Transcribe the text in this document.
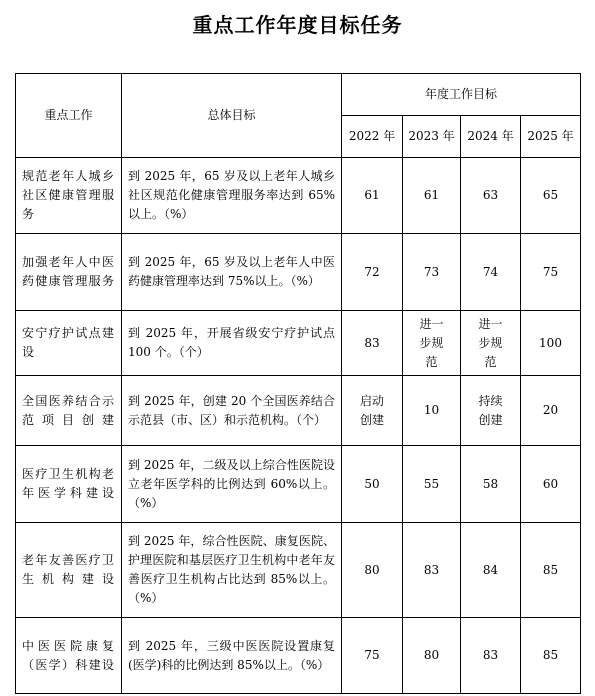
重点工作年度目标任务
重点工作	总体目标	年度工作目标			
		2022 年	2023 年	2024 年	2025 年
规范老年人城乡社区健康管理服务	到 2025 年，65 岁及以上老年人城乡社区规范化健康管理服务率达到 65%以上。（%）	61	61	63	65
加强老年人中医药健康管理服务	到 2025 年，65 岁及以上老年人中医药健康管理率达到 75%以上。（%）	72	73	74	75
安宁疗护试点建设	到 2025 年，开展省级安宁疗护试点 100 个。（个）	83	进一步规范	进一步规范	100
全国医养结合示范项目创建	到 2025 年，创建 20 个全国医养结合示范县（市、区）和示范机构。（个）	启动创建	10	持续创建	20
医疗卫生机构老年医学科建设	到 2025 年，二级及以上综合性医院设立老年医学科的比例达到 60%以上。（%）	50	55	58	60
老年友善医疗卫生机构建设	到 2025 年，综合性医院、康复医院、护理医院和基层医疗卫生机构中老年友善医疗卫生机构占比达到 85%以上。（%）	80	83	84	85
中医医院康复（医学）科建设	到 2025 年，三级中医医院设置康复(医学)科的比例达到 85%以上。（%）	75	80	83	85
